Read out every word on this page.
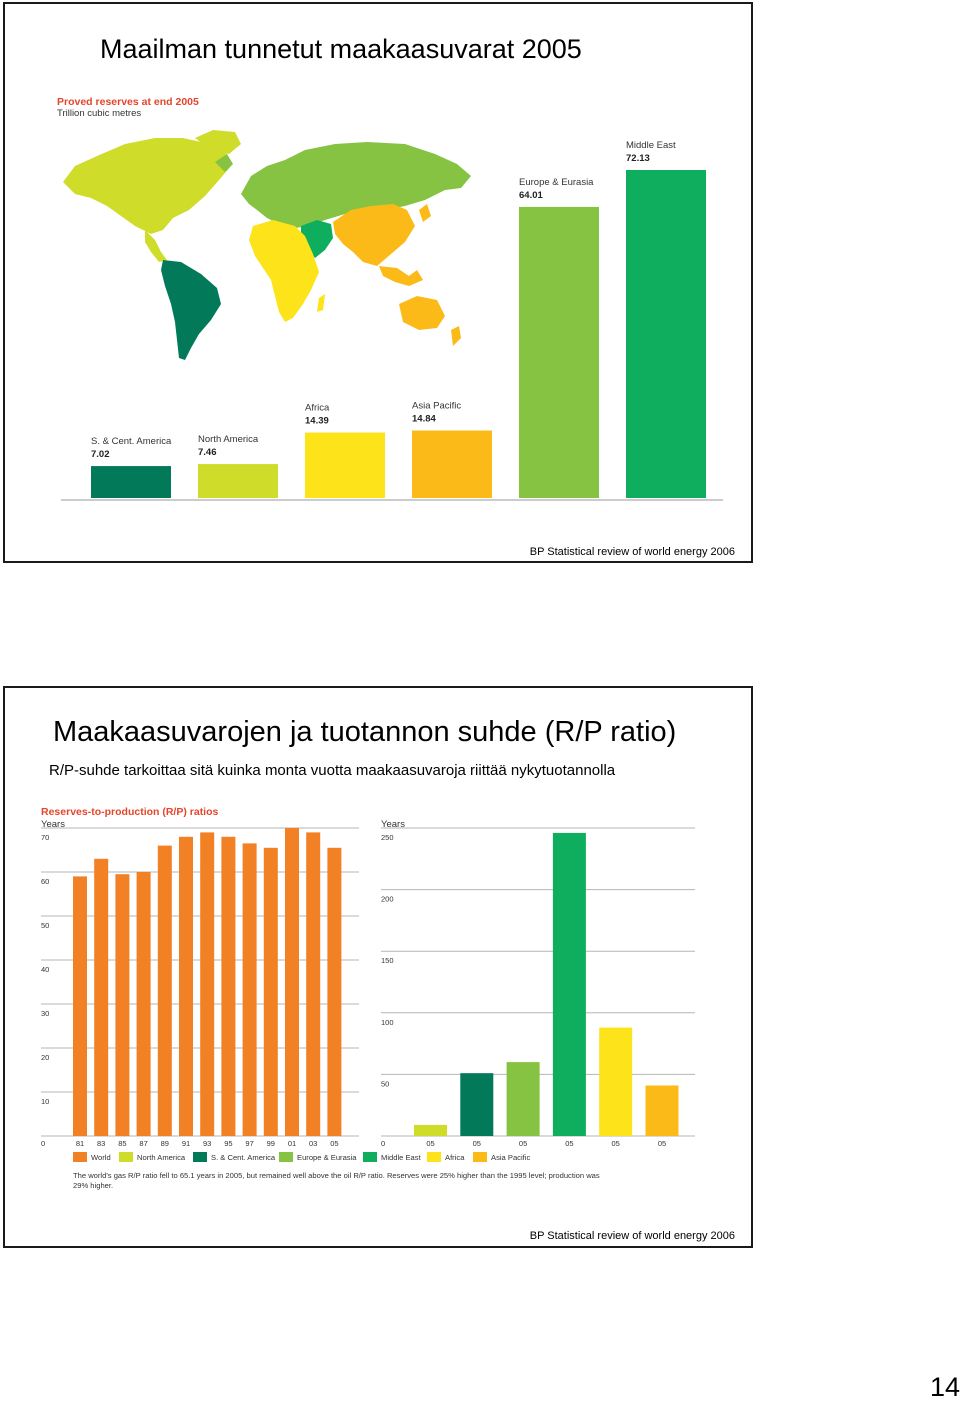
Maailman tunnetut maakaasuvarat 2005
Proved reserves at end 2005
Trillion cubic metres
S. & Cent. America
7.02
North America
7.46
Africa
14.39
Asia Pacific
14.84
Europe & Eurasia
64.01
Middle East
72.13
BP Statistical review of world energy 2006
Maakaasuvarojen ja tuotannon suhde (R/P ratio)
R/P-suhde tarkoittaa sitä kuinka monta vuotta maakaasuvaroja riittää nykytuotannolla
Reserves-to-production (R/P) ratios
Years	Years
0
10
20
30
40
50
60
70
0
50
100
150
200
250
81 83 85 87 89 91 93 95 97 99 01 03 05	05	05	05	05	05	05
World	North America	S. & Cent. America	Europe & Eurasia	Middle East	Africa	Asia Pacific
The world's gas R/P ratio fell to 65.1 years in 2005, but remained well above the oil R/P ratio. Reserves were 25% higher than the 1995 level; production was
29% higher.
BP Statistical review of world energy 2006
14
